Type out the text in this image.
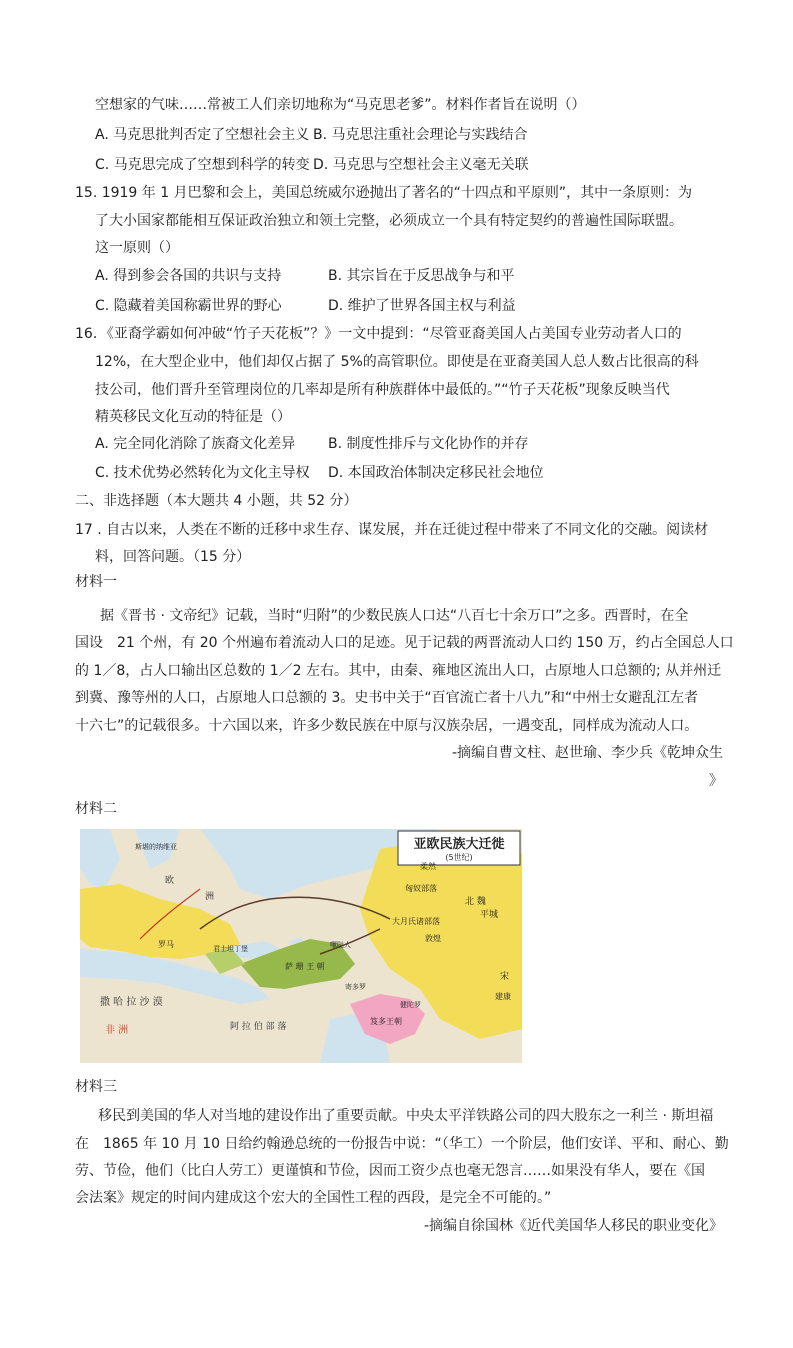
空想家的气味……常被工人们亲切地称为“马克思老爹”。材料作者旨在说明（）
A. 马克思批判否定了空想社会主义 B. 马克思注重社会理论与实践结合
C. 马克思完成了空想到科学的转变 D. 马克思与空想社会主义毫无关联
15. 1919 年 1 月巴黎和会上，美国总统威尔逊抛出了著名的“十四点和平原则”，其中一条原则：为
了大小国家都能相互保证政治独立和领土完整，必须成立一个具有特定契约的普遍性国际联盟。
这一原则（）
A. 得到参会各国的共识与支持	B. 其宗旨在于反思战争与和平
C. 隐藏着美国称霸世界的野心	D. 维护了世界各国主权与利益
16．《亚裔学霸如何冲破“竹子天花板”？》一文中提到：“尽管亚裔美国人占美国专业劳动者人口的
12%，在大型企业中，他们却仅占据了 5%的高管职位。即使是在亚裔美国人总人数占比很高的科
技公司，他们晋升至管理岗位的几率却是所有种族群体中最低的。”“竹子天花板”现象反映当代
精英移民文化互动的特征是（）
A. 完全同化消除了族裔文化差异 B. 制度性排斥与文化协作的并存
C. 技术优势必然转化为文化主导权 D. 本国政治体制决定移民社会地位
二、非选择题（本大题共 4 小题，共 52 分）
17 . 自古以来，人类在不断的迁移中求生存、谋发展，并在迁徙过程中带来了不同文化的交融。阅读材
料，回答问题。（15 分）
材料一
据《晋书 · 文帝纪》记载，当时“归附”的少数民族人口达“八百七十余万口”之多。西晋时，在全
国设　21 个州，有 20 个州遍布着流动人口的足迹。见于记载的两晋流动人口约 150 万，约占全国总人口
的 1／8，占人口输出区总数的 1／2 左右。其中，由秦、雍地区流出人口，占原地人口总额的; 从并州迁
到冀、豫等州的人口，占原地人口总额的 3。史书中关于“百官流亡者十八九”和“中州士女避乱江左者
十六七”的记载很多。十六国以来，许多少数民族在中原与汉族杂居，一遇变乱，同样成为流动人口。
-摘编自曹文柱、赵世瑜、李少兵《乾坤众生
》
材料二
亚欧民族大迁徙
(5世纪)
欧
洲
撒 哈 拉 沙 漠
非 洲	阿 拉 伯 部 落
萨 珊 王 朝
匈奴部落
大月氏诸部落
平城
北 魏
柔然
宋
敦煌
笈多王朝
君士坦丁堡
罗马	嚈哒人
寄多罗
健陀罗
斯堪的纳维亚
建康
材料三
移民到美国的华人对当地的建设作出了重要贡献。中央太平洋铁路公司的四大股东之一利兰 · 斯坦福
在　1865 年 10 月 10 日给约翰逊总统的一份报告中说：“（华工）一个阶层，他们安详、平和、耐心、勤
劳、节俭，他们（比白人劳工）更谨慎和节俭，因而工资少点也毫无怨言……如果没有华人，要在《国
会法案》规定的时间内建成这个宏大的全国性工程的西段，是完全不可能的。”
-摘编自徐国林《近代美国华人移民的职业变化》
